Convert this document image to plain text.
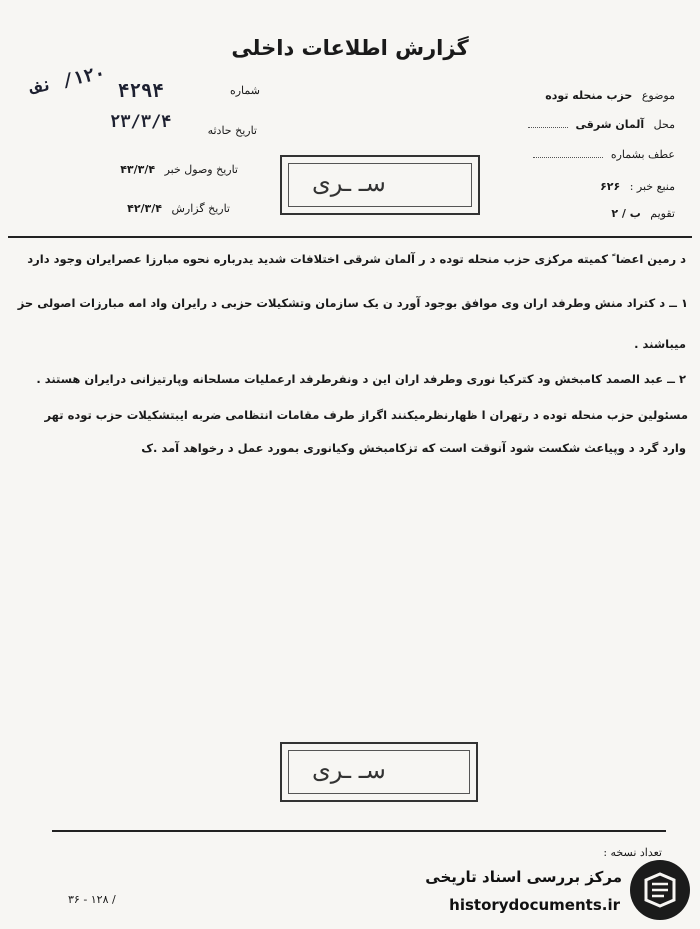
گزارش اطلاعات داخلی
شماره
۴۲۹۴
۱۲۰/ نف
تاریخ حادثه
۲۳/۳/۴
تاریخ وصول خبر ۴۳/۳/۴
تاریخ گزارش ۴۲/۳/۴
موضوع حزب منحله توده
محل آلمان شرقی
عطف بشماره
منبع خبر : ۶۲۶
تقویم ب / ۲
سـ ـری
د رمین اعضا ً کمیته مرکزی حزب منحله توده د ر آلمان شرقی اختلافات شدید یدرباره نحوه مبارزا عصرایران وجود دارد
۱ ــ د کتراد منش وطرفد اران وی موافق بوجود آورد ن یک سازمان وتشکیلات حزبی د رایران واد امه مبارزات اصولی حز
میباشند .
۲ ــ عبد الصمد کامبخش ود کترکیا نوری وطرفد اران این د ونفرطرفد ارعملیات مسلحانه وپارتیزانی درایران هستند .
مسئولین حزب منحله توده د رتهران ا ظهارنظرمیکنند اگراز طرف مقامات انتظامی ضربه ایبتشکیلات حزب توده تهر
وارد گرد د وپیاعث شکست شود آنوقت است که تزکامبخش وکیانوری بمورد عمل د رخواهد آمد .ک
سـ ـری
تعداد نسخه :
۳۶ - ۱۲۸ /
مرکز بررسی اسناد تاریخی
historydocuments.ir
